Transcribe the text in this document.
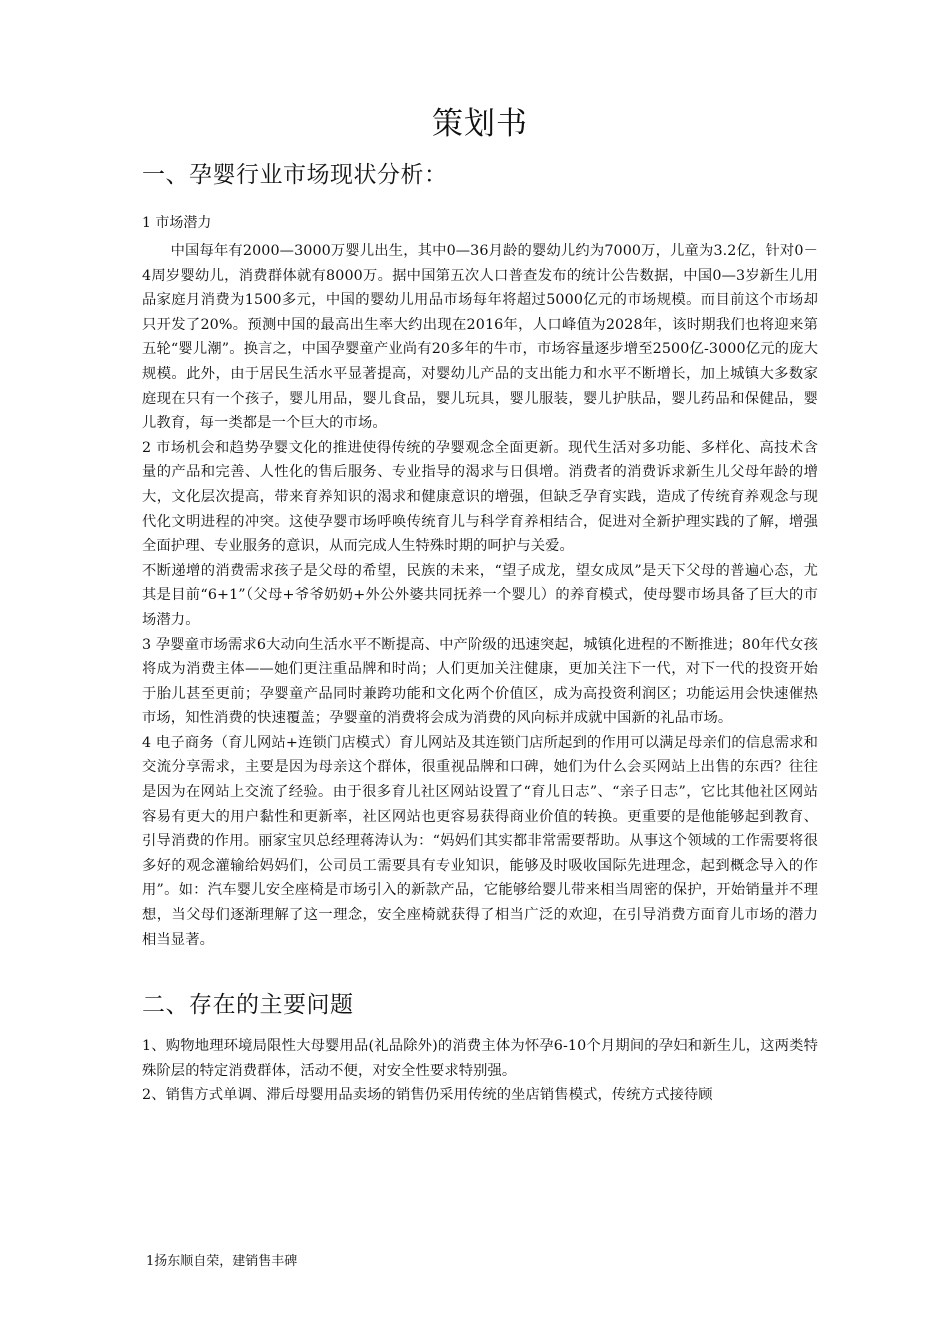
策划书
一、孕婴行业市场现状分析：
1 市场潜力

中国每年有2000—3000万婴儿出生，其中0—36月龄的婴幼儿约为7000万，儿童为3.2亿，针对0－4周岁婴幼儿，消费群体就有8000万。据中国第五次人口普查发布的统计公告数据，中国0—3岁新生儿用品家庭月消费为1500多元，中国的婴幼儿用品市场每年将超过5000亿元的市场规模。而目前这个市场却只开发了20%。预测中国的最高出生率大约出现在2016年，人口峰值为2028年，该时期我们也将迎来第五轮“婴儿潮”。换言之，中国孕婴童产业尚有20多年的牛市，市场容量逐步增至2500亿-3000亿元的庞大规模。此外，由于居民生活水平显著提高，对婴幼儿产品的支出能力和水平不断增长，加上城镇大多数家庭现在只有一个孩子，婴儿用品，婴儿食品，婴儿玩具，婴儿服装，婴儿护肤品，婴儿药品和保健品，婴儿教育，每一类都是一个巨大的市场。

2 市场机会和趋势孕婴文化的推进使得传统的孕婴观念全面更新。现代生活对多功能、多样化、高技术含量的产品和完善、人性化的售后服务、专业指导的渴求与日俱增。消费者的消费诉求新生儿父母年龄的增大，文化层次提高，带来育养知识的渴求和健康意识的增强，但缺乏孕育实践，造成了传统育养观念与现代化文明进程的冲突。这使孕婴市场呼唤传统育儿与科学育养相结合，促进对全新护理实践的了解，增强全面护理、专业服务的意识，从而完成人生特殊时期的呵护与关爱。

不断递增的消费需求孩子是父母的希望，民族的未来，“望子成龙，望女成凤”是天下父母的普遍心态，尤其是目前“6+1”（父母+爷爷奶奶+外公外婆共同抚养一个婴儿）的养育模式，使母婴市场具备了巨大的市场潜力。

3 孕婴童市场需求6大动向生活水平不断提高、中产阶级的迅速突起，城镇化进程的不断推进；80年代女孩将成为消费主体——她们更注重品牌和时尚；人们更加关注健康，更加关注下一代，对下一代的投资开始于胎儿甚至更前；孕婴童产品同时兼跨功能和文化两个价值区，成为高投资利润区；功能运用会快速催热市场，知性消费的快速覆盖；孕婴童的消费将会成为消费的风向标并成就中国新的礼品市场。

4 电子商务（育儿网站+连锁门店模式）育儿网站及其连锁门店所起到的作用可以满足母亲们的信息需求和交流分享需求，主要是因为母亲这个群体，很重视品牌和口碑，她们为什么会买网站上出售的东西？往往是因为在网站上交流了经验。由于很多育儿社区网站设置了“育儿日志”、“亲子日志”，它比其他社区网站容易有更大的用户黏性和更新率，社区网站也更容易获得商业价值的转换。更重要的是他能够起到教育、引导消费的作用。丽家宝贝总经理蒋涛认为：“妈妈们其实都非常需要帮助。从事这个领域的工作需要将很多好的观念灌输给妈妈们，公司员工需要具有专业知识，能够及时吸收国际先进理念，起到概念导入的作用”。如：汽车婴儿安全座椅是市场引入的新款产品，它能够给婴儿带来相当周密的保护，开始销量并不理想，当父母们逐渐理解了这一理念，安全座椅就获得了相当广泛的欢迎，在引导消费方面育儿市场的潜力相当显著。

二、存在的主要问题

1、购物地理环境局限性大母婴用品(礼品除外)的消费主体为怀孕6-10个月期间的孕妇和新生儿，这两类特殊阶层的特定消费群体，活动不便，对安全性要求特别强。

2、销售方式单调、滞后母婴用品卖场的销售仍采用传统的坐店销售模式，传统方式接待顾

1扬东顺自荣，建销售丰碑
